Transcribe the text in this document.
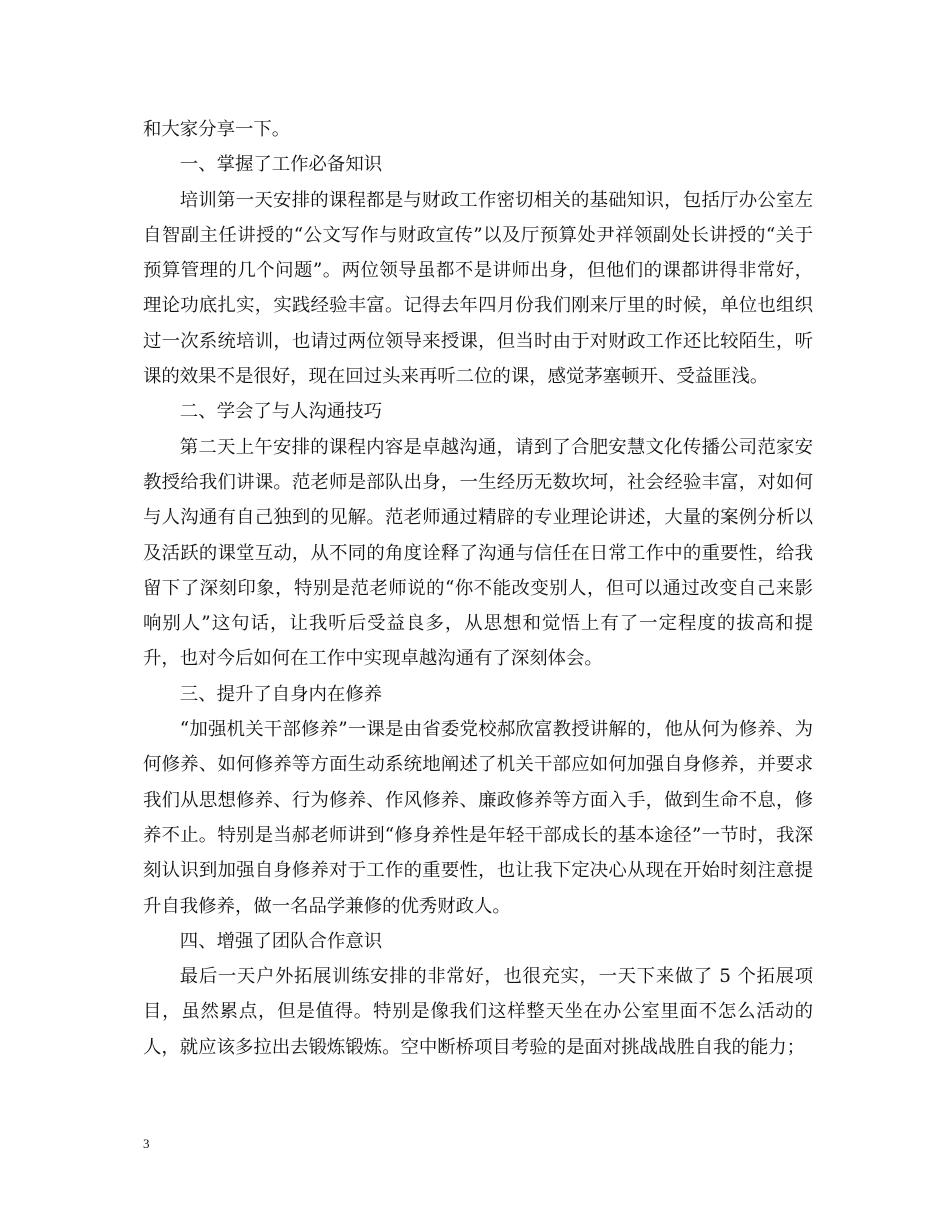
和大家分享一下。

一、掌握了工作必备知识

培训第一天安排的课程都是与财政工作密切相关的基础知识，包括厅办公室左自智副主任讲授的“公文写作与财政宣传”以及厅预算处尹祥领副处长讲授的“关于预算管理的几个问题”。两位领导虽都不是讲师出身，但他们的课都讲得非常好，理论功底扎实，实践经验丰富。记得去年四月份我们刚来厅里的时候，单位也组织过一次系统培训，也请过两位领导来授课，但当时由于对财政工作还比较陌生，听课的效果不是很好，现在回过头来再听二位的课，感觉茅塞顿开、受益匪浅。

二、学会了与人沟通技巧

第二天上午安排的课程内容是卓越沟通，请到了合肥安慧文化传播公司范家安教授给我们讲课。范老师是部队出身，一生经历无数坎坷，社会经验丰富，对如何与人沟通有自己独到的见解。范老师通过精辟的专业理论讲述，大量的案例分析以及活跃的课堂互动，从不同的角度诠释了沟通与信任在日常工作中的重要性，给我留下了深刻印象，特别是范老师说的“你不能改变别人，但可以通过改变自己来影响别人”这句话，让我听后受益良多，从思想和觉悟上有了一定程度的拔高和提升，也对今后如何在工作中实现卓越沟通有了深刻体会。

三、提升了自身内在修养

“加强机关干部修养”一课是由省委党校郝欣富教授讲解的，他从何为修养、为何修养、如何修养等方面生动系统地阐述了机关干部应如何加强自身修养，并要求我们从思想修养、行为修养、作风修养、廉政修养等方面入手，做到生命不息，修养不止。特别是当郝老师讲到“修身养性是年轻干部成长的基本途径”一节时，我深刻认识到加强自身修养对于工作的重要性，也让我下定决心从现在开始时刻注意提升自我修养，做一名品学兼修的优秀财政人。

四、增强了团队合作意识

最后一天户外拓展训练安排的非常好，也很充实，一天下来做了 5 个拓展项目，虽然累点，但是值得。特别是像我们这样整天坐在办公室里面不怎么活动的人，就应该多拉出去锻炼锻炼。空中断桥项目考验的是面对挑战战胜自我的能力；

3
